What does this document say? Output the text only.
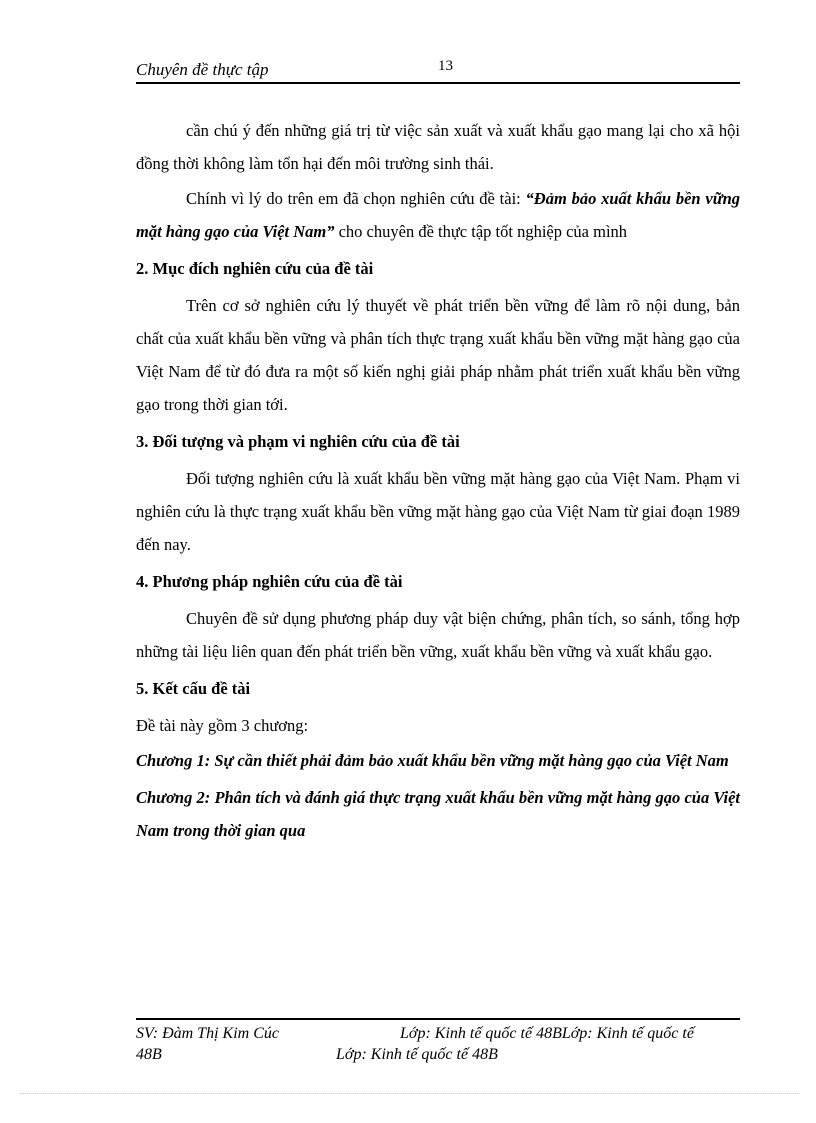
Chuyên đề thực tập	13

cần chú ý đến những giá trị từ việc sản xuất và xuất khẩu gạo mang lại cho xã hội đồng thời không làm tổn hại đến môi trường sinh thái.

Chính vì lý do trên em đã chọn nghiên cứu đề tài: “Đảm bảo xuất khẩu bền vững mặt hàng gạo của Việt Nam” cho chuyên đề thực tập tốt nghiệp của mình

2. Mục đích nghiên cứu của đề tài

Trên cơ sở nghiên cứu lý thuyết về phát triển bền vững để làm rõ nội dung, bản chất của xuất khẩu bền vững và phân tích thực trạng xuất khẩu bền vững mặt hàng gạo của Việt Nam để từ đó đưa ra một số kiến nghị giải pháp nhằm phát triển xuất khẩu bền vững gạo trong thời gian tới.

3. Đối tượng và phạm vi nghiên cứu của đề tài

Đối tượng nghiên cứu là xuất khẩu bền vững mặt hàng gạo của Việt Nam. Phạm vi nghiên cứu là thực trạng xuất khẩu bền vững mặt hàng gạo của Việt Nam từ giai đoạn 1989 đến nay.

4. Phương pháp nghiên cứu của đề tài

Chuyên đề sử dụng phương pháp duy vật biện chứng, phân tích, so sánh, tổng hợp những tài liệu liên quan đến phát triển bền vững, xuất khẩu bền vững và xuất khẩu gạo.

5. Kết cấu đề tài

Đề tài này gồm 3 chương:

Chương 1: Sự cần thiết phải đảm bảo xuất khẩu bền vững mặt hàng gạo của Việt Nam

Chương 2: Phân tích và đánh giá thực trạng xuất khẩu bền vững mặt hàng gạo của Việt Nam trong thời gian qua

SV: Đàm Thị Kim Cúc	Lớp: Kinh tế quốc tế 48BLớp: Kinh tế quốc tế
48B	Lớp: Kinh tế quốc tế 48B
